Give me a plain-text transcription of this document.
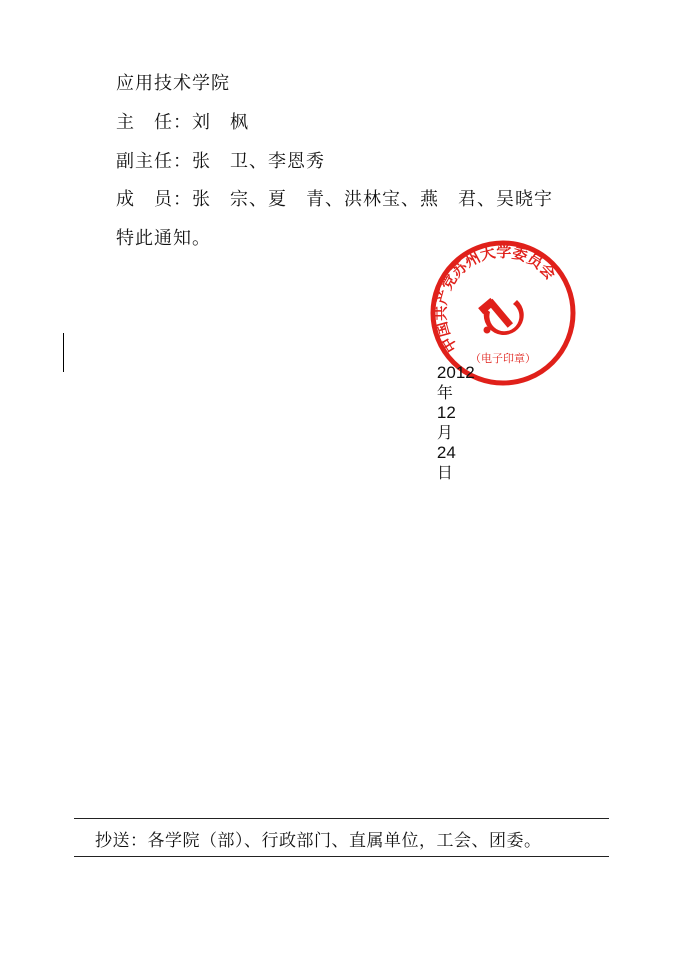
应用技术学院
主　任： 刘　枫
副主任： 张　卫、李恩秀
成　员： 张　宗、夏　青、洪林宝、燕　君、吴晓宇
特此通知。
中国共产党苏州大学委员会
（电子印章）

2012
年
12
月
24
日

抄送：各学院（部）、行政部门、直属单位，工会、团委。
